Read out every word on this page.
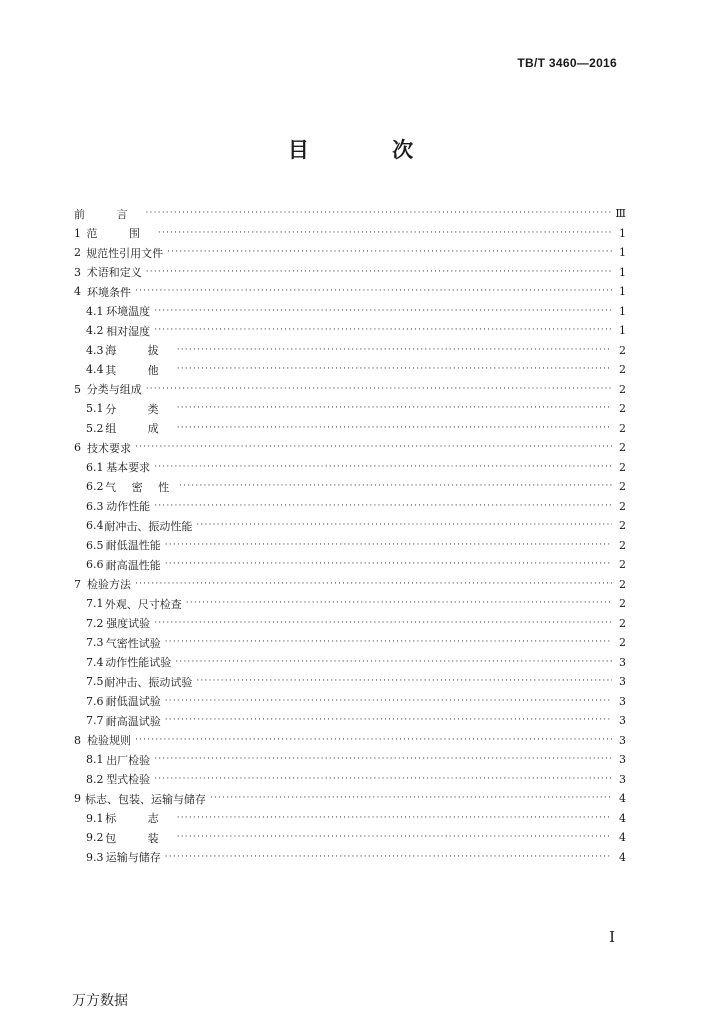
TB/T 3460—2016
目 次
前 言 ·····	Ⅲ
1 范 围 ·····	1
2 规范性引用文件 ·····	1
3 术语和定义 ·····	1
4 环境条件 ·····	1
4.1 环境温度 ·····	1
4.2 相对湿度 ·····	1
4.3 海 拔 ·····	2
4.4 其 他 ·····	2
5 分类与组成 ·····	2
5.1 分 类 ·····	2
5.2 组 成 ·····	2
6 技术要求 ·····	2
6.1 基本要求 ·····	2
6.2 气 密 性 ·····	2
6.3 动作性能 ·····	2
6.4 耐冲击、振动性能 ·····	2
6.5 耐低温性能 ·····	2
6.6 耐高温性能 ·····	2
7 检验方法 ·····	2
7.1 外观、尺寸检查 ·····	2
7.2 强度试验 ·····	2
7.3 气密性试验 ·····	2
7.4 动作性能试验 ·····	3
7.5 耐冲击、振动试验 ·····	3
7.6 耐低温试验 ·····	3
7.7 耐高温试验 ·····	3
8 检验规则 ·····	3
8.1 出厂检验 ·····	3
8.2 型式检验 ·····	3
9 标志、包装、运输与储存 ·····	4
9.1 标 志 ·····	4
9.2 包 装 ·····	4
9.3 运输与储存 ·····	4
I
万方数据
